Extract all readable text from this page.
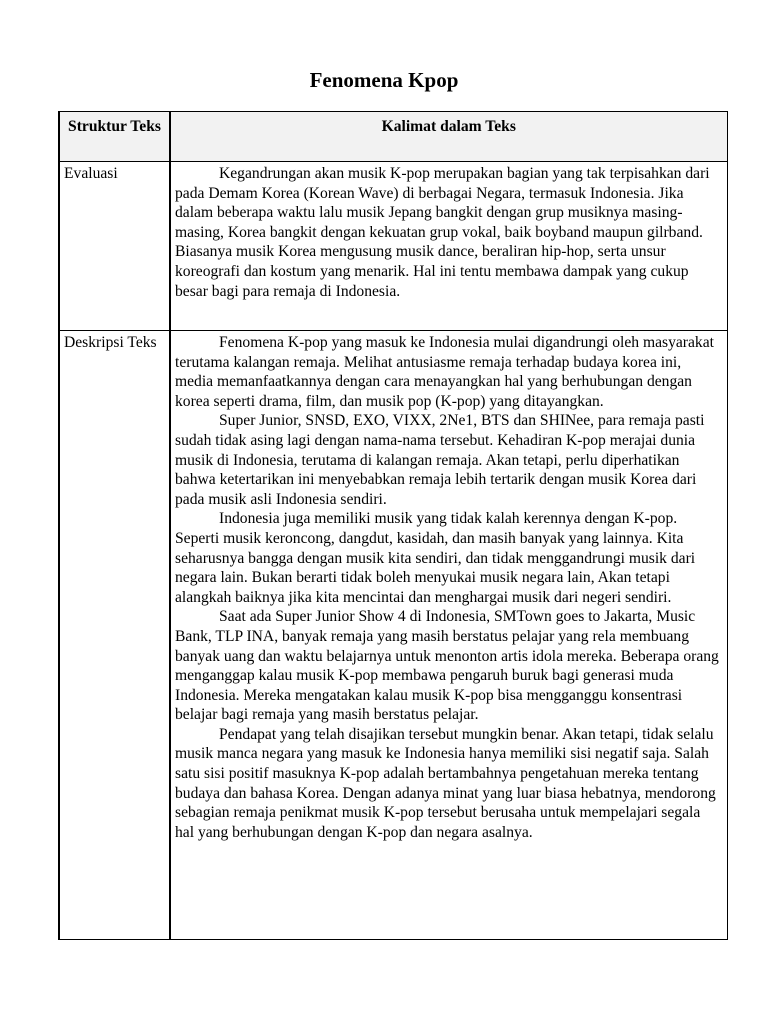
Fenomena Kpop
Struktur Teks	Kalimat dalam Teks
Evaluasi	Kegandrungan akan musik K-pop merupakan bagian yang tak terpisahkan dari pada Demam Korea (Korean Wave) di berbagai Negara, termasuk Indonesia. Jika dalam beberapa waktu lalu musik Jepang bangkit dengan grup musiknya masing-masing, Korea bangkit dengan kekuatan grup vokal, baik boyband maupun gilrband. Biasanya musik Korea mengusung musik dance, beraliran hip-hop, serta unsur koreografi dan kostum yang menarik. Hal ini tentu membawa dampak yang cukup besar bagi para remaja di Indonesia.

Deskripsi Teks	Fenomena K-pop yang masuk ke Indonesia mulai digandrungi oleh masyarakat terutama kalangan remaja. Melihat antusiasme remaja terhadap budaya korea ini, media memanfaatkannya dengan cara menayangkan hal yang berhubungan dengan korea seperti drama, film, dan musik pop (K-pop) yang ditayangkan.

Super Junior, SNSD, EXO, VIXX, 2Ne1, BTS dan SHINee, para remaja pasti sudah tidak asing lagi dengan nama-nama tersebut. Kehadiran K-pop merajai dunia musik di Indonesia, terutama di kalangan remaja. Akan tetapi, perlu diperhatikan bahwa ketertarikan ini menyebabkan remaja lebih tertarik dengan musik Korea dari pada musik asli Indonesia sendiri.

Indonesia juga memiliki musik yang tidak kalah kerennya dengan K-pop. Seperti musik keroncong, dangdut, kasidah, dan masih banyak yang lainnya. Kita seharusnya bangga dengan musik kita sendiri, dan tidak menggandrungi musik dari negara lain. Bukan berarti tidak boleh menyukai musik negara lain, Akan tetapi alangkah baiknya jika kita mencintai dan menghargai musik dari negeri sendiri.

Saat ada Super Junior Show 4 di Indonesia, SMTown goes to Jakarta, Music Bank, TLP INA, banyak remaja yang masih berstatus pelajar yang rela membuang banyak uang dan waktu belajarnya untuk menonton artis idola mereka. Beberapa orang menganggap kalau musik K-pop membawa pengaruh buruk bagi generasi muda Indonesia. Mereka mengatakan kalau musik K-pop bisa mengganggu konsentrasi belajar bagi remaja yang masih berstatus pelajar.

Pendapat yang telah disajikan tersebut mungkin benar. Akan tetapi, tidak selalu musik manca negara yang masuk ke Indonesia hanya memiliki sisi negatif saja. Salah satu sisi positif masuknya K-pop adalah bertambahnya pengetahuan mereka tentang budaya dan bahasa Korea. Dengan adanya minat yang luar biasa hebatnya, mendorong sebagian remaja penikmat musik K-pop tersebut berusaha untuk mempelajari segala hal yang berhubungan dengan K-pop dan negara asalnya.
